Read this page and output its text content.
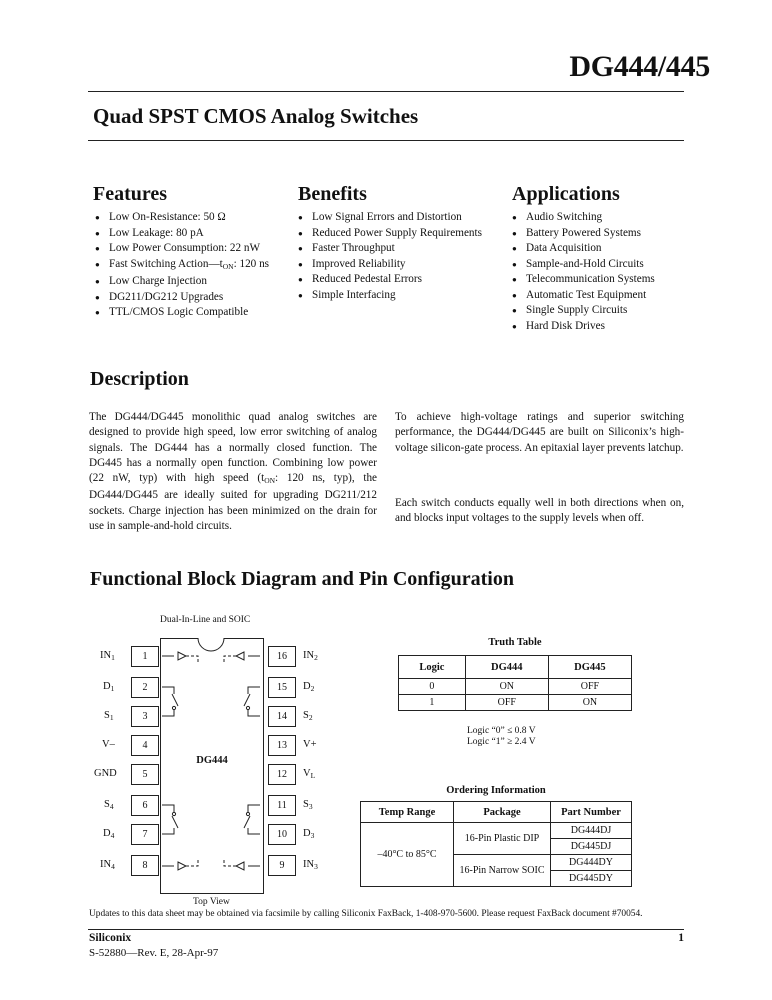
DG444/445
Quad SPST CMOS Analog Switches
Features
● Low On-Resistance: 50 Ω
● Low Leakage: 80 pA
● Low Power Consumption: 22 nW
● Fast Switching $Action—t_{ON}$: 120 ns
● Low Charge Injection
● DG211/DG212 Upgrades
● TTL/CMOS Logic Compatible
Benefits
● Low Signal Errors and Distortion
● Reduced Power Supply Requirements
● Faster Throughput
● Improved Reliability
● Reduced Pedestal Errors
● Simple Interfacing
Applications
● Audio Switching
● Battery Powered Systems
● Data Acquisition
● Sample-and-Hold Circuits
● Telecommunication Systems
● Automatic Test Equipment
● Single Supply Circuits
● Hard Disk Drives
Description

The DG444/DG445 monolithic quad analog switches are designed to provide high speed, low error switching of analog signals. The DG444 has a normally closed function. The DG445 has a normally open function. Combining low power (22 nW, typ) with high speed ($t_{ON}$: 120 ns, typ), the DG444/DG445 are ideally suited for upgrading DG211/212 sockets. Charge injection has been minimized on the drain for use in sample-and-hold circuits.

To achieve high-voltage ratings and superior switching performance, the DG444/DG445 are built on Siliconix’s high-voltage silicon-gate process. An epitaxial layer prevents latchup.

Each switch conducts equally well in both directions when on, and blocks input voltages to the supply levels when off.

Functional Block Diagram and Pin Configuration
Dual-In-Line and SOIC
DG444
1
2
3
4
5
6
7
8
16
15
14
13
12
11
10
9
$IN_1$
$D_1$
$S_1$
V–
GND
$S_4$
$D_4$
$IN_4$
$IN_2$
$D_2$
$S_2$
V+
$V_L$
$S_3$
$D_3$
$IN_3$
Top View
Truth Table
Logic	DG444	DG445
0	ON	OFF
1	OFF	ON
Logic “0” ≤ 0.8 V
Logic “1” ≥ 2.4 V
Ordering Information
Temp Range	Package	Part Number
–40°C to 85°C	16-Pin Plastic DIP	DG444DJ
		DG445DJ
	16-Pin Narrow SOIC	DG444DY
		DG445DY
Updates to this data sheet may be obtained via facsimile by calling Siliconix FaxBack, 1-408-970-5600. Please request FaxBack document #70054.
Siliconix
S-52880—Rev. E, 28-Apr-97
1
